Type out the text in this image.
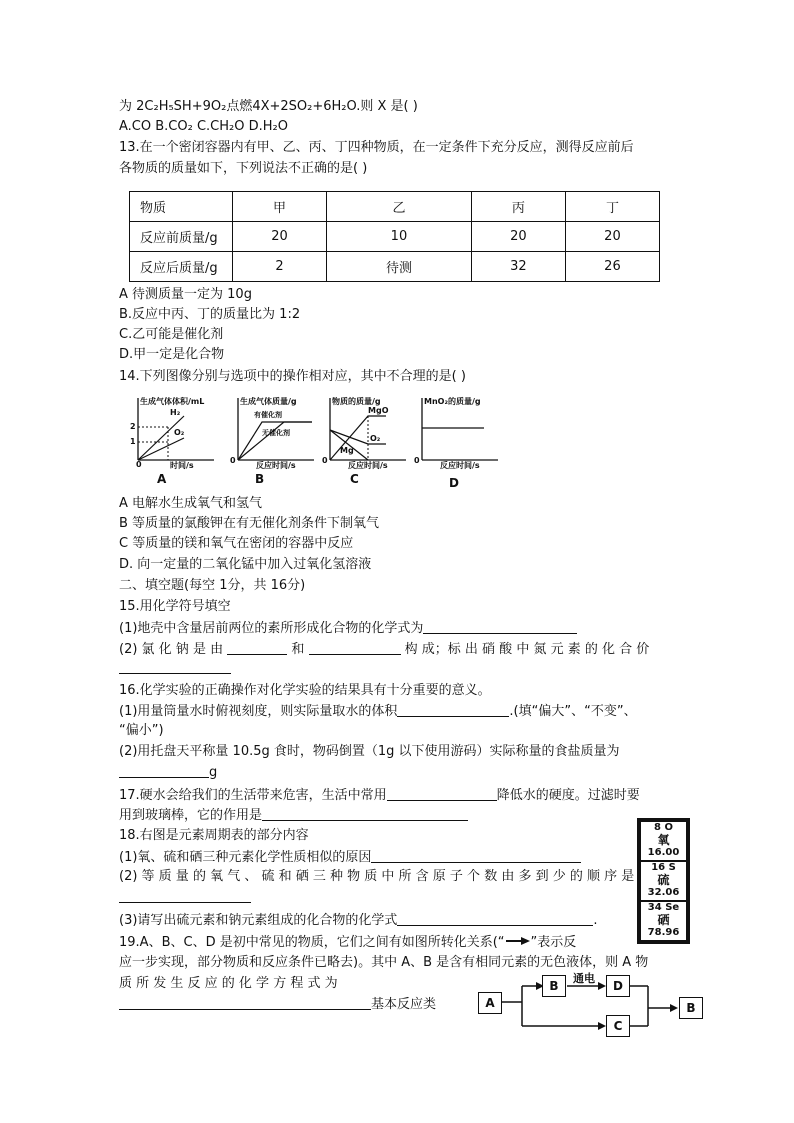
为 2C₂H₅SH+9O₂点燃4X+2SO₂+6H₂O.则 X 是( )
A.CO B.CO₂ C.CH₂O D.H₂O
13.在一个密闭容器内有甲、乙、丙、丁四种物质，在一定条件下充分反应，测得反应前后
各物质的质量如下，下列说法不正确的是( )
物质	甲	乙	丙	丁
反应前质量/g	20	10	20	20
反应后质量/g	2	待测	32	26
A 待测质量一定为 10g
B.反应中丙、丁的质量比为 1:2
C.乙可能是催化剂
D.甲一定是化合物
14.下列图像分别与选项中的操作相对应，其中不合理的是( )
生成气体体积/mL
H₂
O₂
2
1
0	时间/s
A
生成气体质量/g
有催化剂
无催化剂
0
反应时间/s
B
物质的质量/g
MgO
O₂
Mg
0
反应时间/s
C
MnO₂的质量/g
0
反应时间/s
D
A 电解水生成氧气和氢气
B 等质量的氯酸钾在有无催化剂条件下制氧气
C 等质量的镁和氧气在密闭的容器中反应
D. 向一定量的二氧化锰中加入过氧化氢溶液
二、填空题(每空 1分，共 16分)
15.用化学符号填空
(1)地壳中含量居前两位的素所形成化合物的化学式为
(2) 氯 化 钠 是 由	和	构 成；标 出 硝 酸 中 氮 元 素 的 化 合 价
16.化学实验的正确操作对化学实验的结果具有十分重要的意义。
(1)用量筒量水时俯视刻度，则实际量取水的体积	.(填“偏大”、“不变”、
“偏小”)
(2)用托盘天平称量 10.5g 食时，物码倒置（1g 以下使用游码）实际称量的食盐质量为
g
17.硬水会给我们的生活带来危害，生活中常用	降低水的硬度。过滤时要
用到玻璃棒，它的作用是
18.右图是元素周期表的部分内容
(1)氧、硫和硒三种元素化学性质相似的原因
(2) 等 质 量 的 氧 气 、 硫 和 硒 三 种 物 质 中 所 含 原 子 个 数 由 多 到 少 的 顺 序 是
(3)请写出硫元素和钠元素组成的化合物的化学式	.
8 O
氧
16.00
16 S
硫
32.06
34 Se
硒
78.96
19.A、B、C、D 是初中常见的物质，它们之间有如图所转化关系(“ ”表示反
应一步实现，部分物质和反应条件已略去)。其中 A、B 是含有相同元素的无色液体，则 A 物
质 所 发 生 反 应 的 化 学 方 程 式 为
基本反应类	A
B
通电
D
C
B
